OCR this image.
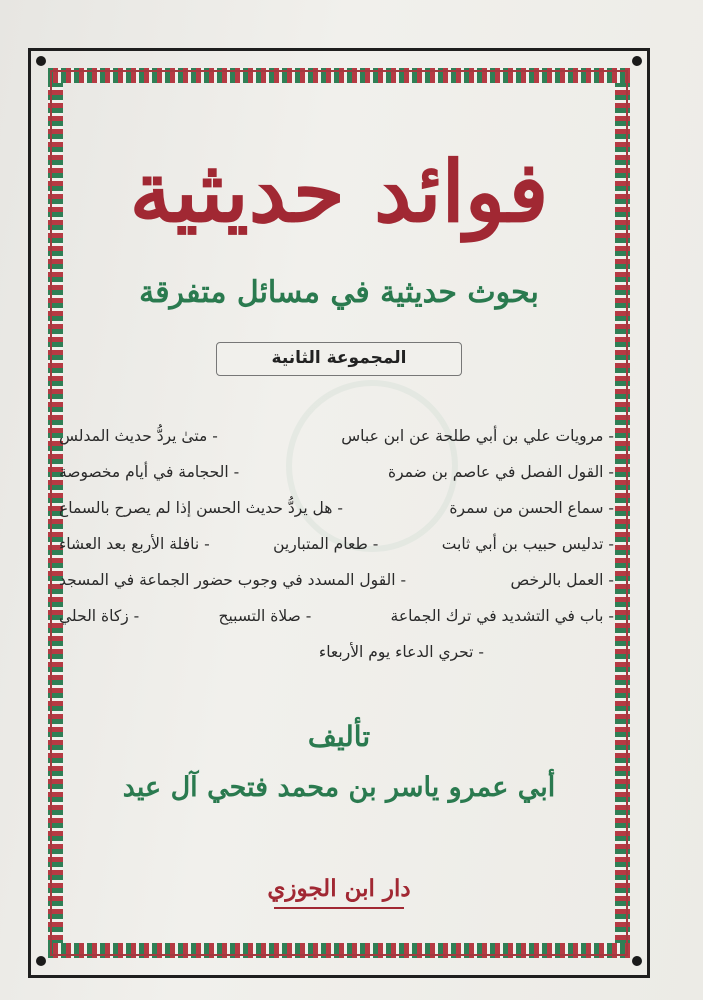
فوائد حديثية
بحوث حديثية في مسائل متفرقة
المجموعة الثانية
- مرويات علي بن أبي طلحة عن ابن عباس
- متىٰ يردُّ حديث المدلس
- القول الفصل في عاصم بن ضمرة
- الحجامة في أيام مخصوصة
- سماع الحسن من سمرة
- هل يردُّ حديث الحسن إذا لم يصرح بالسماع
- تدليس حبيب بن أبي ثابت
- طعام المتبارين
- نافلة الأربع بعد العشاء
- العمل بالرخص
- القول المسدد في وجوب حضور الجماعة في المسجد
- باب في التشديد في ترك الجماعة
- صلاة التسبيح
- زكاة الحلي
- تحري الدعاء يوم الأربعاء
تأليف
أبي عمرو ياسر بن محمد فتحي آل عيد
دار ابن الجوزي
